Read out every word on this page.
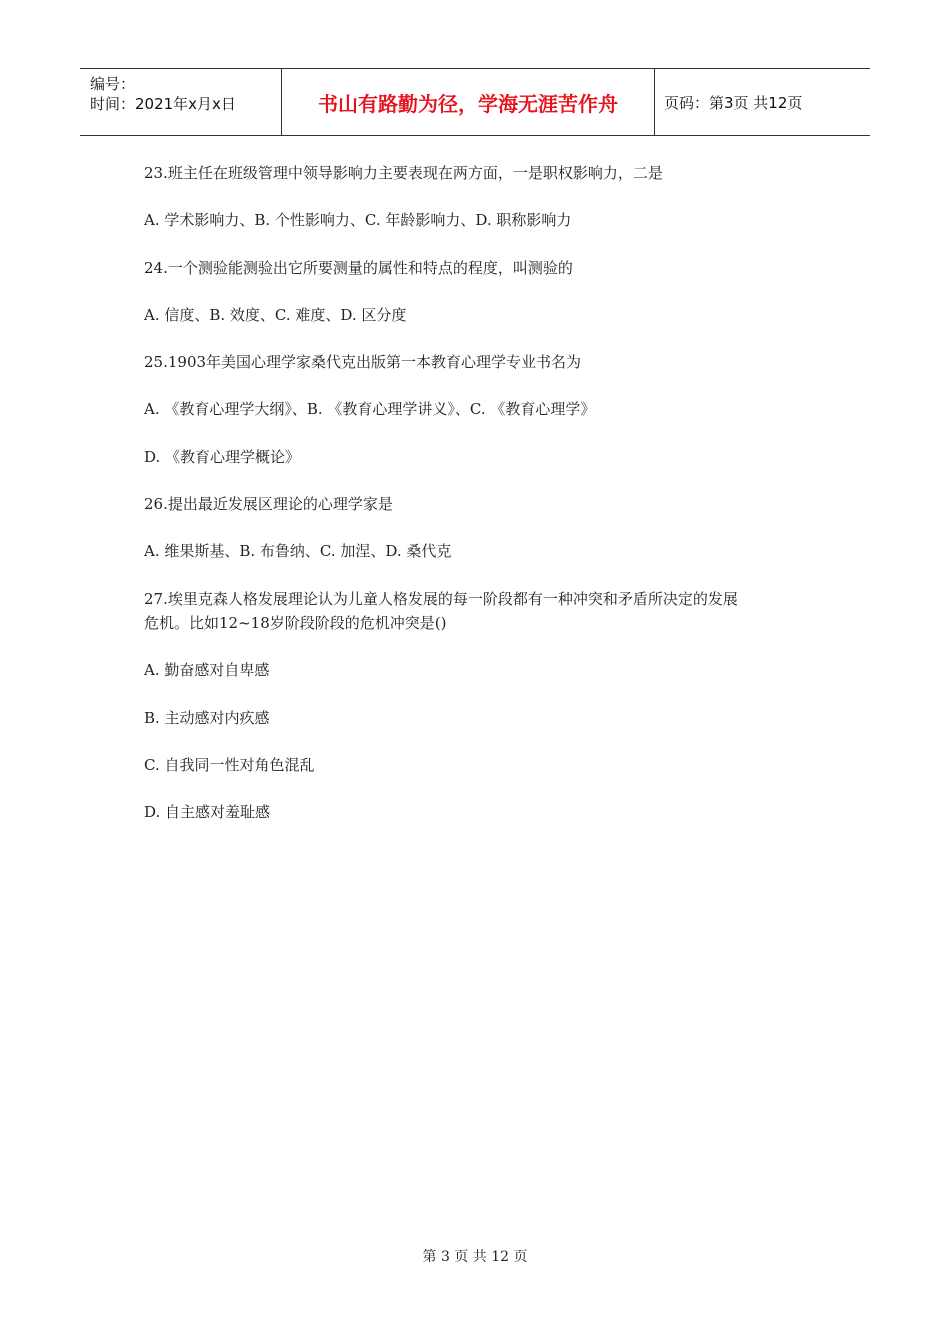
编号：
时间：2021年x月x日	书山有路勤为径，学海无涯苦作舟	页码：第3页 共12页
23.班主任在班级管理中领导影响力主要表现在两方面，一是职权影响力，二是
A. 学术影响力、B. 个性影响力、C. 年龄影响力、D. 职称影响力
24.一个测验能测验出它所要测量的属性和特点的程度，叫测验的
A. 信度、B. 效度、C. 难度、D. 区分度
25.1903年美国心理学家桑代克出版第一本教育心理学专业书名为
A. 《教育心理学大纲》、B. 《教育心理学讲义》、C. 《教育心理学》
D. 《教育心理学概论》
26.提出最近发展区理论的心理学家是
A. 维果斯基、B. 布鲁纳、C. 加涅、D. 桑代克
27.埃里克森人格发展理论认为儿童人格发展的每一阶段都有一种冲突和矛盾所决定的发展
危机。比如12~18岁阶段阶段的危机冲突是()
A. 勤奋感对自卑感
B. 主动感对内疚感
C. 自我同一性对角色混乱
D. 自主感对羞耻感
第 3 页 共 12 页
